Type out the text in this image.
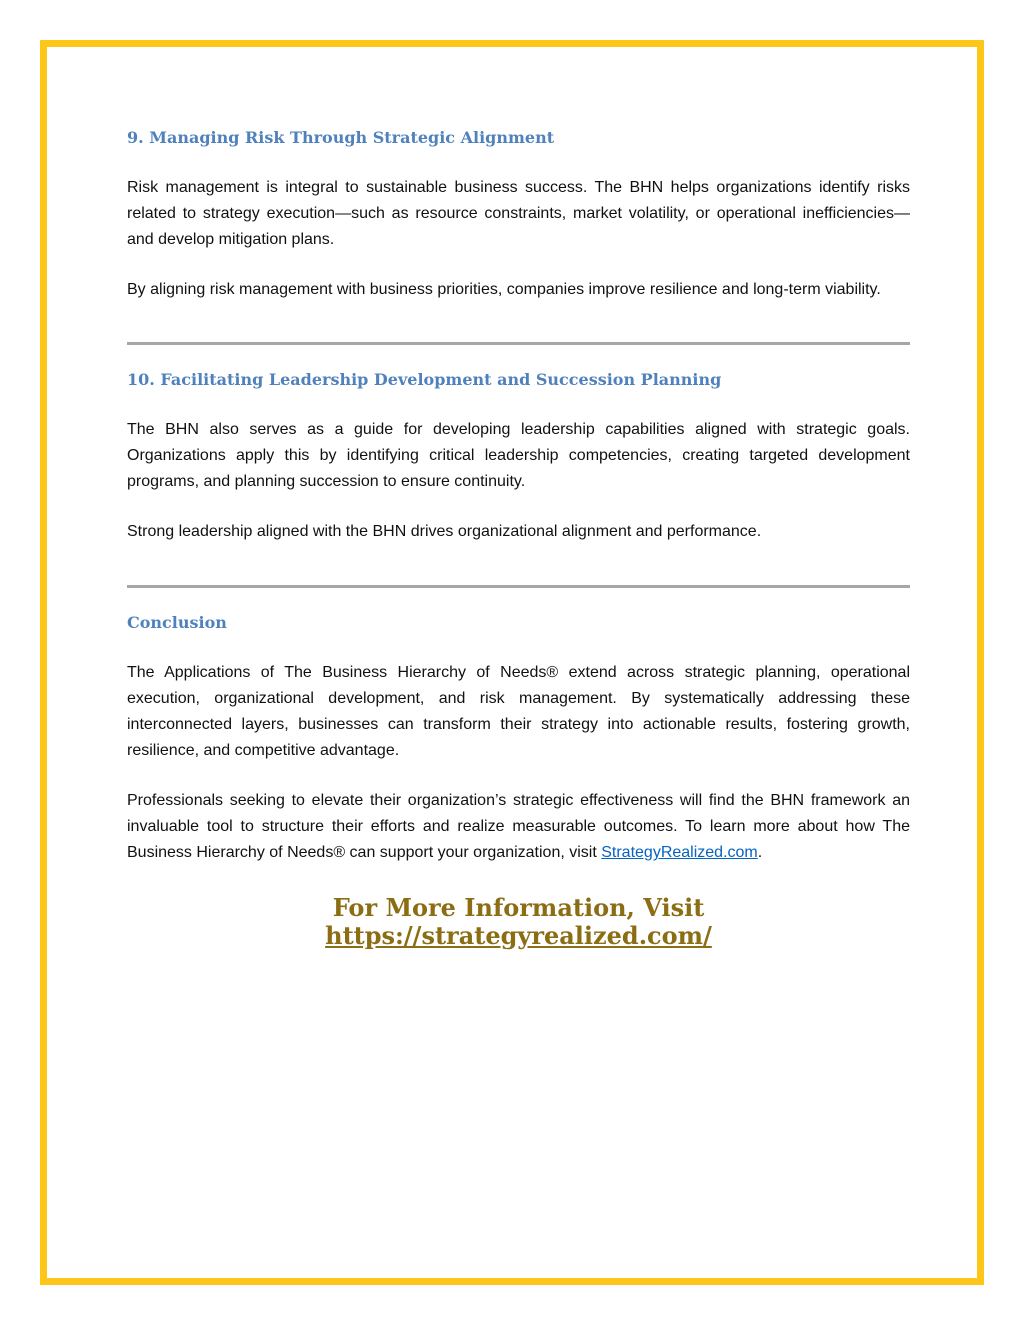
9. Managing Risk Through Strategic Alignment

Risk management is integral to sustainable business success. The BHN helps organizations identify risks related to strategy execution—such as resource constraints, market volatility, or operational inefficiencies—and develop mitigation plans.

By aligning risk management with business priorities, companies improve resilience and long-term viability.

10. Facilitating Leadership Development and Succession Planning

The BHN also serves as a guide for developing leadership capabilities aligned with strategic goals. Organizations apply this by identifying critical leadership competencies, creating targeted development programs, and planning succession to ensure continuity.

Strong leadership aligned with the BHN drives organizational alignment and performance.

Conclusion

The Applications of The Business Hierarchy of Needs® extend across strategic planning, operational execution, organizational development, and risk management. By systematically addressing these interconnected layers, businesses can transform their strategy into actionable results, fostering growth, resilience, and competitive advantage.

Professionals seeking to elevate their organization’s strategic effectiveness will find the BHN framework an invaluable tool to structure their efforts and realize measurable outcomes. To learn more about how The Business Hierarchy of Needs® can support your organization, visit StrategyRealized.com.

For More Information, Visit
https://strategyrealized.com/
